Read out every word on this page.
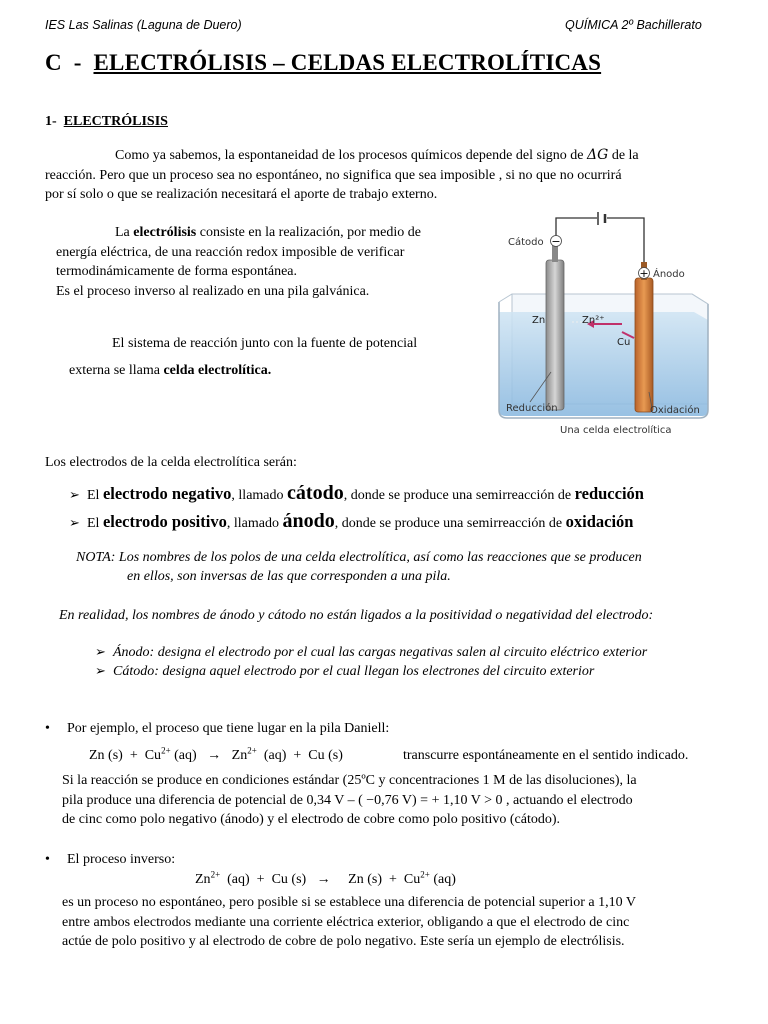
IES Las Salinas (Laguna de Duero)	QUÍMICA 2º Bachillerato
C  -  ELECTRÓLISIS – CELDAS ELECTROLÍTICAS
1-  ELECTRÓLISIS
Como ya sabemos, la espontaneidad de los procesos químicos depende del signo de ΔG de la
reacción. Pero que un proceso sea no espontáneo, no significa que sea imposible , si no que no ocurrirá
por sí solo o que se realización necesitará el aporte de trabajo externo.
La electrólisis consiste en la realización, por medio de
energía eléctrica, de una reacción redox imposible de verificar
termodinámicamente de forma espontánea.
Es el proceso inverso al realizado en una pila galvánica.
El sistema de reacción junto con la fuente de potencial
externa se llama celda electrolítica.
−
+
Cátodo
Ánodo
Zn	Zn²⁺
Cu
Reducción	Oxidación
Una celda electrolítica
Los electrodos de la celda electrolítica serán:
➢ El electrodo negativo, llamado cátodo, donde se produce una semirreacción de reducción
➢ El electrodo positivo, llamado ánodo, donde se produce una semirreacción de oxidación
NOTA: Los nombres de los polos de una celda electrolítica, así como las reacciones que se producen
en ellos, son inversas de las que corresponden a una pila.
En realidad, los nombres de ánodo y cátodo no están ligados a la positividad o negatividad del electrodo:
➢ Ánodo: designa el electrodo por el cual las cargas negativas salen al circuito eléctrico exterior
➢ Cátodo: designa aquel electrodo por el cual llegan los electrones del circuito exterior
• Por ejemplo, el proceso que tiene lugar en la pila Daniell:
Zn $(s) + Cu^{2+}$ $(aq) \to Zn^{2+}$  (aq)  +  Cu (s)	transcurre espontáneamente en el sentido indicado.
Si la reacción se produce en condiciones estándar (25ºC y concentraciones 1 M de las disoluciones), la
pila produce una diferencia de potencial de 0,34 V – ( −0,76 V) = + 1,10 V > 0 , actuando el electrodo
de cinc como polo negativo (ánodo) y el electrodo de cobre como polo positivo (cátodo).
• El proceso inverso:
$Zn^{2+}$  (aq)  +  Cu (s)   →     Zn $(s) + Cu^{2+}$ (aq)
es un proceso no espontáneo, pero posible si se establece una diferencia de potencial superior a 1,10 V
entre ambos electrodos mediante una corriente eléctrica exterior, obligando a que el electrodo de cinc
actúe de polo positivo y al electrodo de cobre de polo negativo. Este sería un ejemplo de electrólisis.
